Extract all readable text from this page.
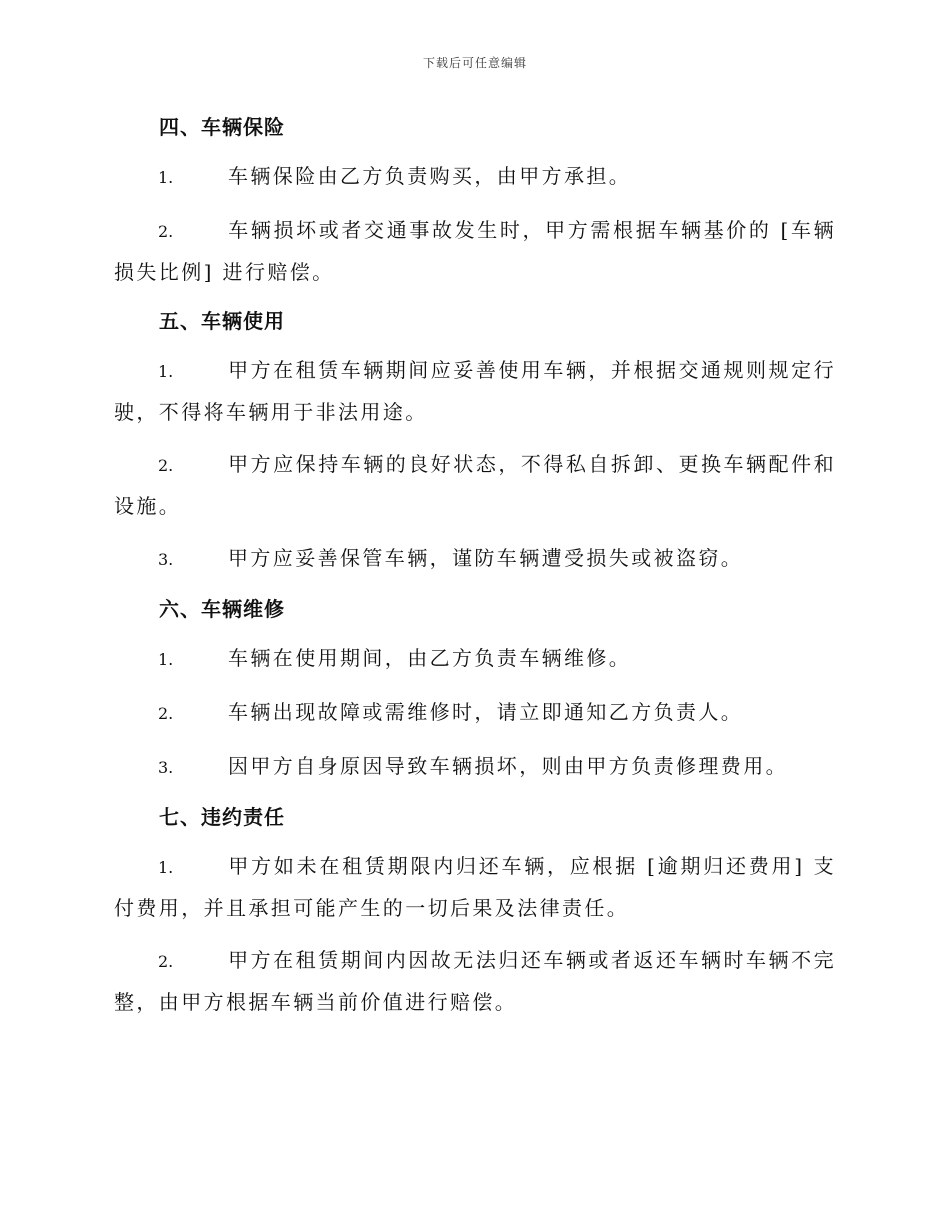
下载后可任意编辑
四、车辆保险

1.	车辆保险由乙方负责购买，由甲方承担。

2.	车辆损坏或者交通事故发生时，甲方需根据车辆基价的 [车辆损失比例] 进行赔偿。

五、车辆使用

1.	甲方在租赁车辆期间应妥善使用车辆，并根据交通规则规定行驶，不得将车辆用于非法用途。

2.	甲方应保持车辆的良好状态，不得私自拆卸、更换车辆配件和设施。

3.	甲方应妥善保管车辆，谨防车辆遭受损失或被盗窃。

六、车辆维修

1.	车辆在使用期间，由乙方负责车辆维修。

2.	车辆出现故障或需维修时，请立即通知乙方负责人。

3.	因甲方自身原因导致车辆损坏，则由甲方负责修理费用。

七、违约责任

1.	甲方如未在租赁期限内归还车辆，应根据 [逾期归还费用] 支付费用，并且承担可能产生的一切后果及法律责任。

2.	甲方在租赁期间内因故无法归还车辆或者返还车辆时车辆不完整，由甲方根据车辆当前价值进行赔偿。
